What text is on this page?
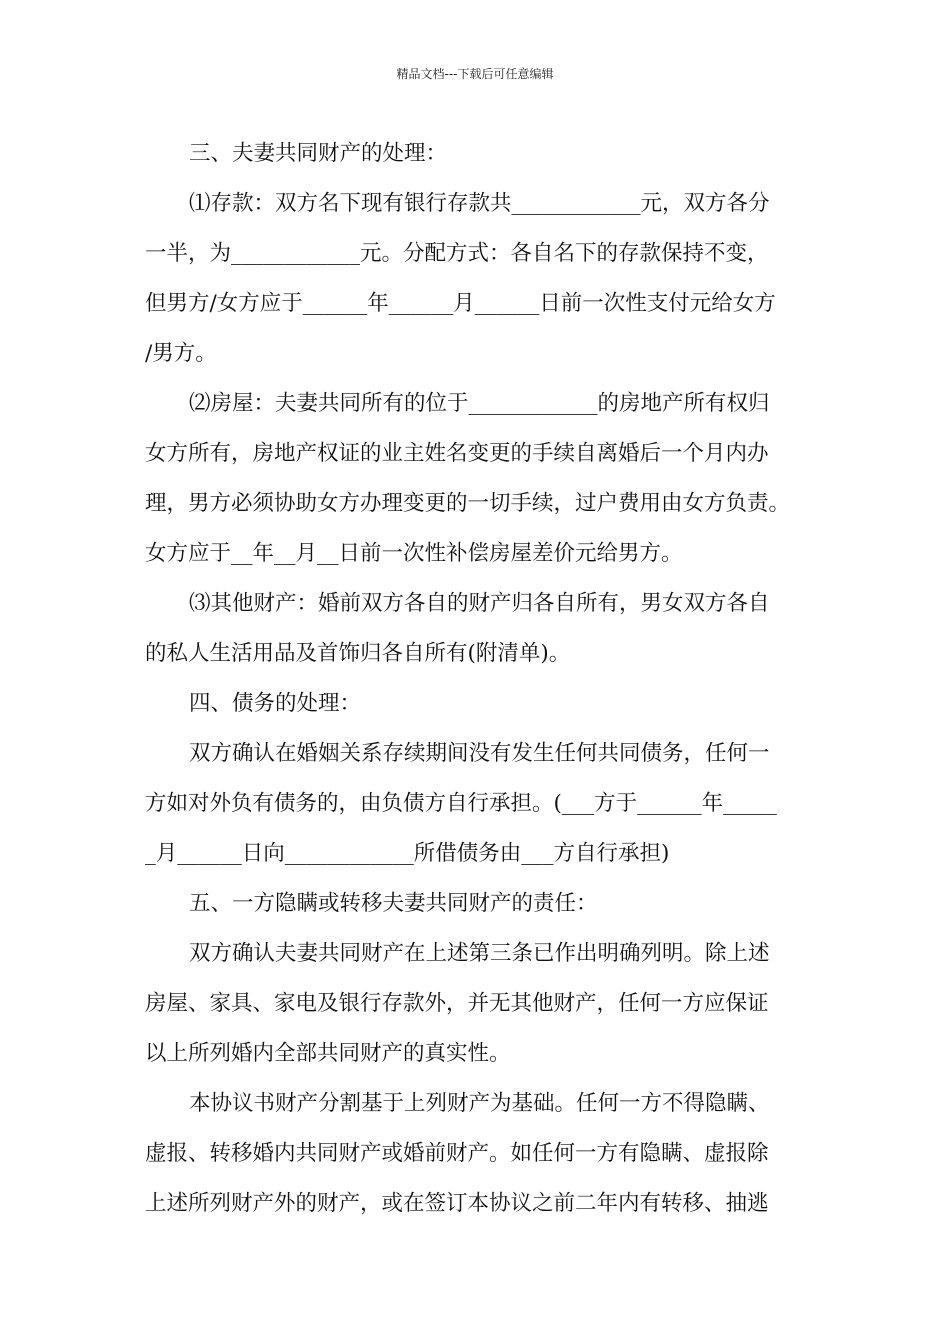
精品文档---下载后可任意编辑
三、夫妻共同财产的处理：
⑴存款：双方名下现有银行存款共____________元，双方各分
一半，为____________元。分配方式：各自名下的存款保持不变，
但男方/女方应于______年______月______日前一次性支付元给女方
/男方。
⑵房屋：夫妻共同所有的位于____________的房地产所有权归
女方所有，房地产权证的业主姓名变更的手续自离婚后一个月内办
理，男方必须协助女方办理变更的一切手续，过户费用由女方负责。
女方应于__年__月__日前一次性补偿房屋差价元给男方。
⑶其他财产：婚前双方各自的财产归各自所有，男女双方各自
的私人生活用品及首饰归各自所有(附清单)。
四、债务的处理：
双方确认在婚姻关系存续期间没有发生任何共同债务，任何一
方如对外负有债务的，由负债方自行承担。(___方于______年_____
_月______日向____________所借债务由___方自行承担)
五、一方隐瞒或转移夫妻共同财产的责任：
双方确认夫妻共同财产在上述第三条已作出明确列明。除上述
房屋、家具、家电及银行存款外，并无其他财产，任何一方应保证
以上所列婚内全部共同财产的真实性。
本协议书财产分割基于上列财产为基础。任何一方不得隐瞒、
虚报、转移婚内共同财产或婚前财产。如任何一方有隐瞒、虚报除
上述所列财产外的财产，或在签订本协议之前二年内有转移、抽逃
